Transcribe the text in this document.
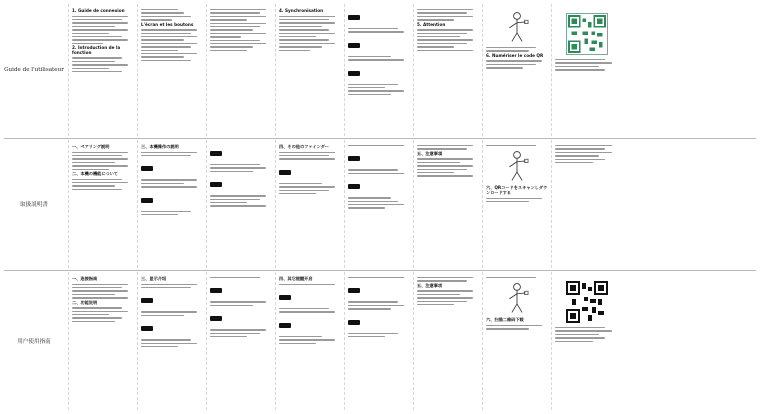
Guide de l'utilisateur
1. Guide de connexion
2. Introduction de la fonction
L'écran et les boutons
4. Synchronisation
5. Attention
6. Numériser le code QR
取扱説明書
一、ペアリング説明
二、本機の機能について
三、本機操作の説明	四、その他のファインダー
五、注意事項
六、QRコードをスキャンしダウンロードする
用户使用指南
一、连接指南
二、功能说明
三、显示介绍	四、其它提醒开启
五、注意事项
六、扫描二维码下载
